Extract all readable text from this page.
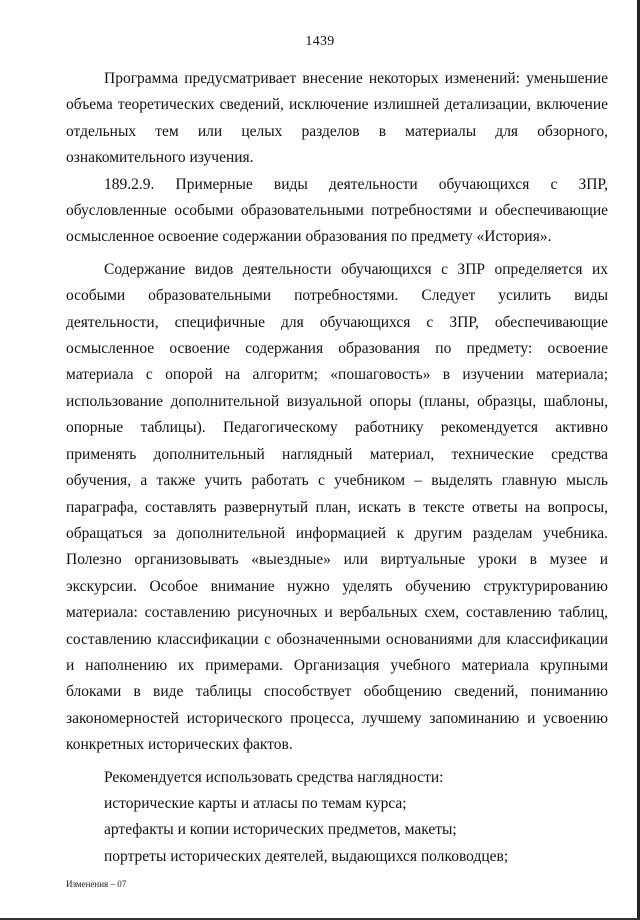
1439

Программа предусматривает внесение некоторых изменений: уменьшение объема теоретических сведений, исключение излишней детализации, включение отдельных тем или целых разделов в материалы для обзорного, ознакомительного изучения.

189.2.9. Примерные виды деятельности обучающихся с ЗПР, обусловленные особыми образовательными потребностями и обеспечивающие осмысленное освоение содержании образования по предмету «История».

Содержание видов деятельности обучающихся с ЗПР определяется их особыми образовательными потребностями. Следует усилить виды деятельности, специфичные для обучающихся с ЗПР, обеспечивающие осмысленное освоение содержания образования по предмету: освоение материала с опорой на алгоритм; «пошаговость» в изучении материала; использование дополнительной визуальной опоры (планы, образцы, шаблоны, опорные таблицы). Педагогическому работнику рекомендуется активно применять дополнительный наглядный материал, технические средства обучения, а также учить работать с учебником – выделять главную мысль параграфа, составлять развернутый план, искать в тексте ответы на вопросы, обращаться за дополнительной информацией к другим разделам учебника. Полезно организовывать «выездные» или виртуальные уроки в музее и экскурсии. Особое внимание нужно уделять обучению структурированию материала: составлению рисуночных и вербальных схем, составлению таблиц, составлению классификации с обозначенными основаниями для классификации и наполнению их примерами. Организация учебного материала крупными блоками в виде таблицы способствует обобщению сведений, пониманию закономерностей исторического процесса, лучшему запоминанию и усвоению конкретных исторических фактов.

Рекомендуется использовать средства наглядности:

исторические карты и атласы по темам курса;

артефакты и копии исторических предметов, макеты;

портреты исторических деятелей, выдающихся полководцев;

Изменения – 07
